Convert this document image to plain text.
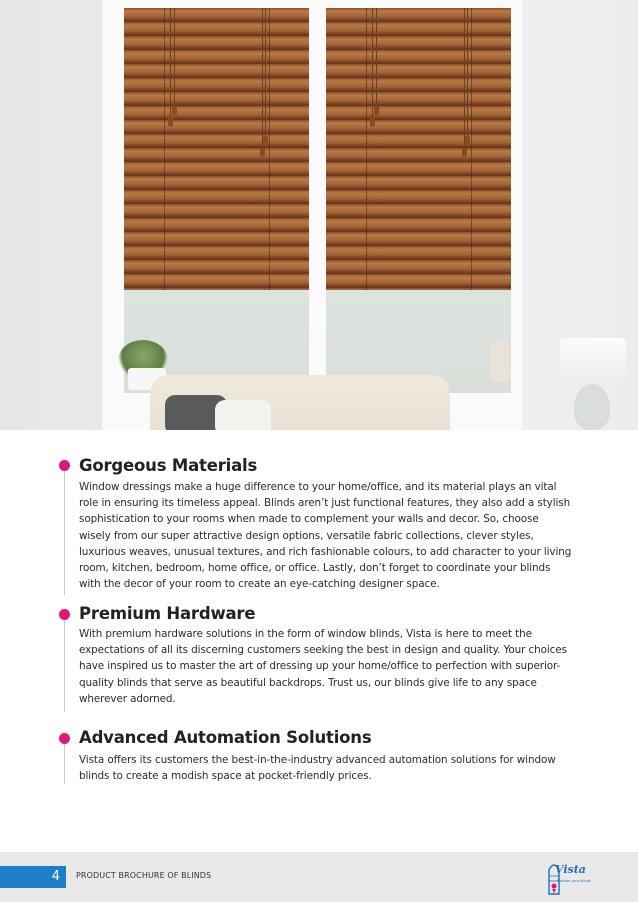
Gorgeous Materials

Window dressings make a huge difference to your home/office, and its material plays an vital role in ensuring its timeless appeal. Blinds aren’t just functional features, they also add a stylish sophistication to your rooms when made to complement your walls and decor. So, choose wisely from our super attractive design options, versatile fabric collections, clever styles, luxurious weaves, unusual textures, and rich fashionable colours, to add character to your living room, kitchen, bedroom, home office, or office. Lastly, don’t forget to coordinate your blinds with the decor of your room to create an eye-catching designer space.

Premium Hardware

With premium hardware solutions in the form of window blinds, Vista is here to meet the expectations of all its discerning customers seeking the best in design and quality. Your choices have inspired us to master the art of dressing up your home/office to perfection with superior-quality blinds that serve as beautiful backdrops. Trust us, our blinds give life to any space wherever adorned.

Advanced Automation Solutions

Vista offers its customers the best-in-the-industry advanced automation solutions for window blinds to create a modish space at pocket-friendly prices.

4	PRODUCT BROCHURE OF BLINDS	Vista
Fashion your blinds
